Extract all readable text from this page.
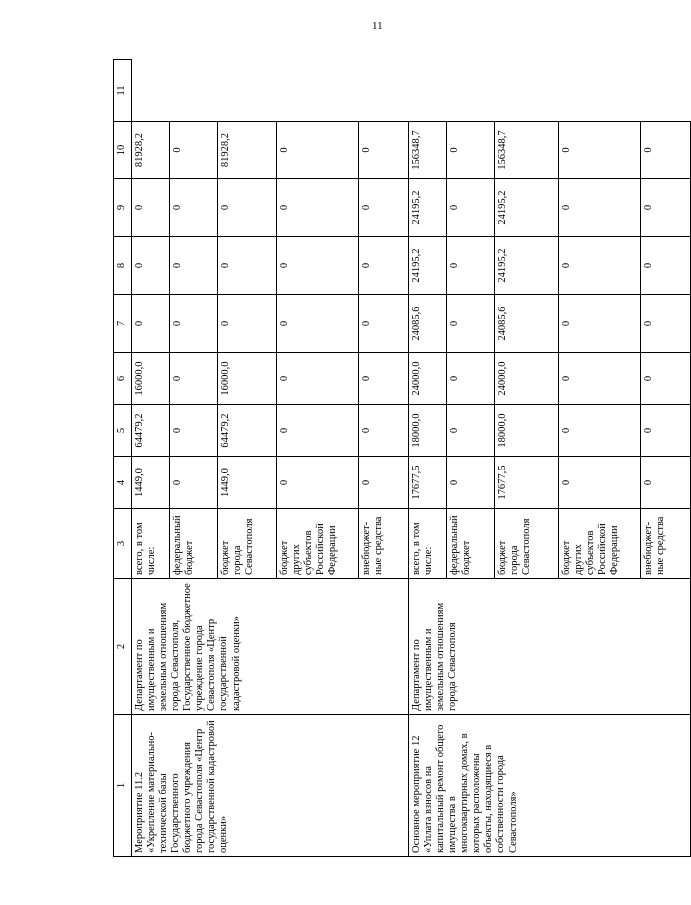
11
1	2	3	4	5	6	7	8	9	10	11
Мероприятие 11.2 «Укрепление материально-технической базы Государственного бюджетного учреждения города Севастополя «Центр государственной кадастровой оценки»	Департамент по имущественным и земельным отношениям города Севастополя, Государственное бюджетное учреждение города Севастополя «Центр государственной кадастровой оценки»	всего, в том числе:	1449,0	64479,2	16000,0	0	0	0	81928,2	
		федеральный бюджет	0	0	0	0	0	0	0	
		бюджет города Севастополя	1449,0	64479,2	16000,0	0	0	0	81928,2	
		бюджет других субъектов Российской Федерации	0	0	0	0	0	0	0	
		внебюджет-ные средства	0	0	0	0	0	0	0	
Основное мероприятие 12 «Уплата взносов на капитальный ремонт общего имущества в многоквартирных домах, в которых расположены объекты, находящиеся в собственности города Севастополя»	Департамент по имущественным и земельным отношениям города Севастополя	всего, в том числе:	17677,5	18000,0	24000,0	24085,6	24195,2	24195,2	156348,7	
		федеральный бюджет	0	0	0	0	0	0	0	
		бюджет города Севастополя	17677,5	18000,0	24000,0	24085,6	24195,2	24195,2	156348,7	
		бюджет других субъектов Российской Федерации	0	0	0	0	0	0	0	
		внебюджет-ные средства	0	0	0	0	0	0	0	
